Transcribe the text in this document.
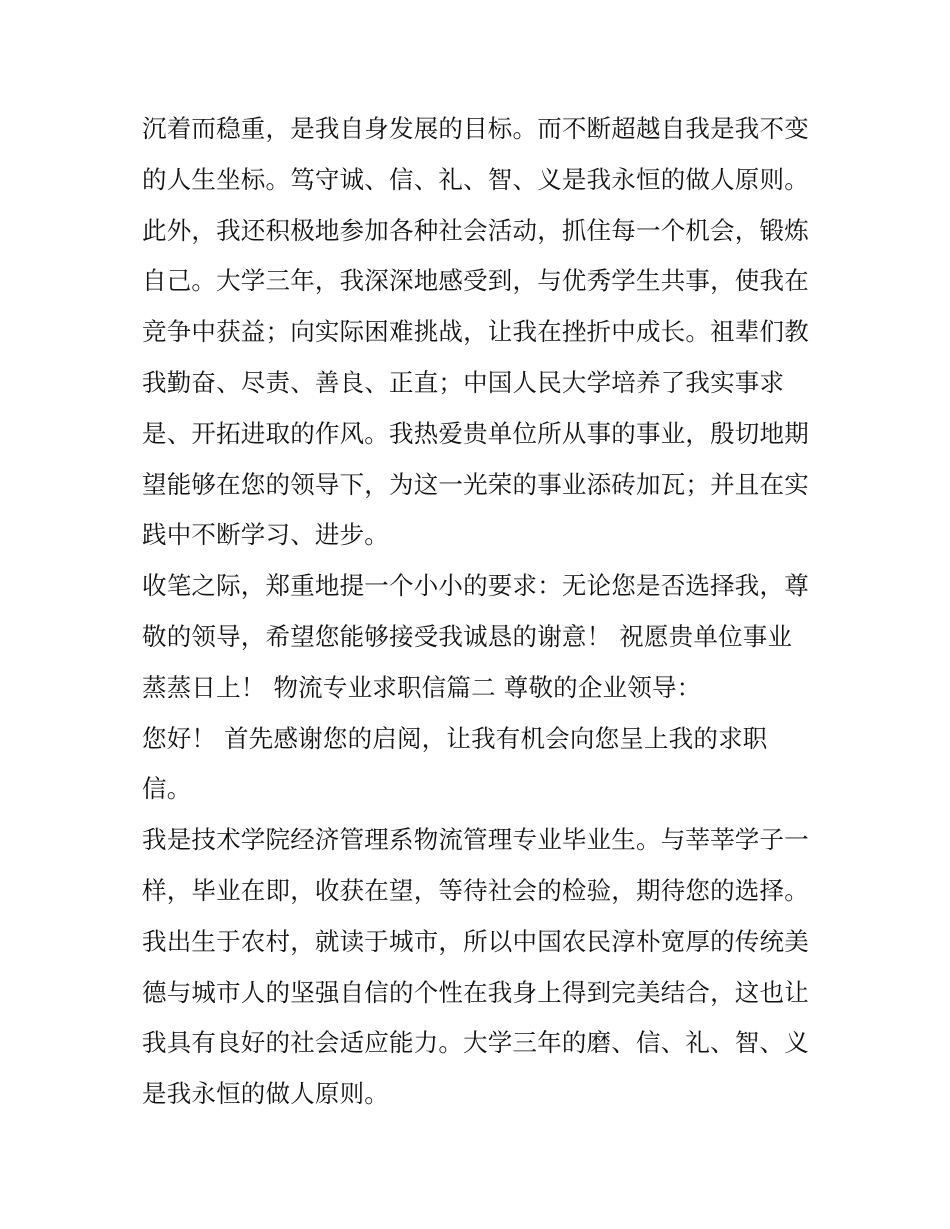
沉着而稳重，是我自身发展的目标。而不断超越自我是我不变
的人生坐标。笃守诚、信、礼、智、义是我永恒的做人原则。
此外，我还积极地参加各种社会活动，抓住每一个机会，锻炼
自己。大学三年，我深深地感受到，与优秀学生共事，使我在
竞争中获益；向实际困难挑战，让我在挫折中成长。祖辈们教
我勤奋、尽责、善良、正直；中国人民大学培养了我实事求
是、开拓进取的作风。我热爱贵单位所从事的事业，殷切地期
望能够在您的领导下，为这一光荣的事业添砖加瓦；并且在实
践中不断学习、进步。
收笔之际，郑重地提一个小小的要求：无论您是否选择我，尊
敬的领导，希望您能够接受我诚恳的谢意！ 祝愿贵单位事业
蒸蒸日上！ 物流专业求职信篇二 尊敬的企业领导：
您好！ 首先感谢您的启阅，让我有机会向您呈上我的求职
信。
我是技术学院经济管理系物流管理专业毕业生。与莘莘学子一
样，毕业在即，收获在望，等待社会的检验，期待您的选择。
我出生于农村，就读于城市，所以中国农民淳朴宽厚的传统美
德与城市人的坚强自信的个性在我身上得到完美结合，这也让
我具有良好的社会适应能力。大学三年的磨、信、礼、智、义
是我永恒的做人原则。
